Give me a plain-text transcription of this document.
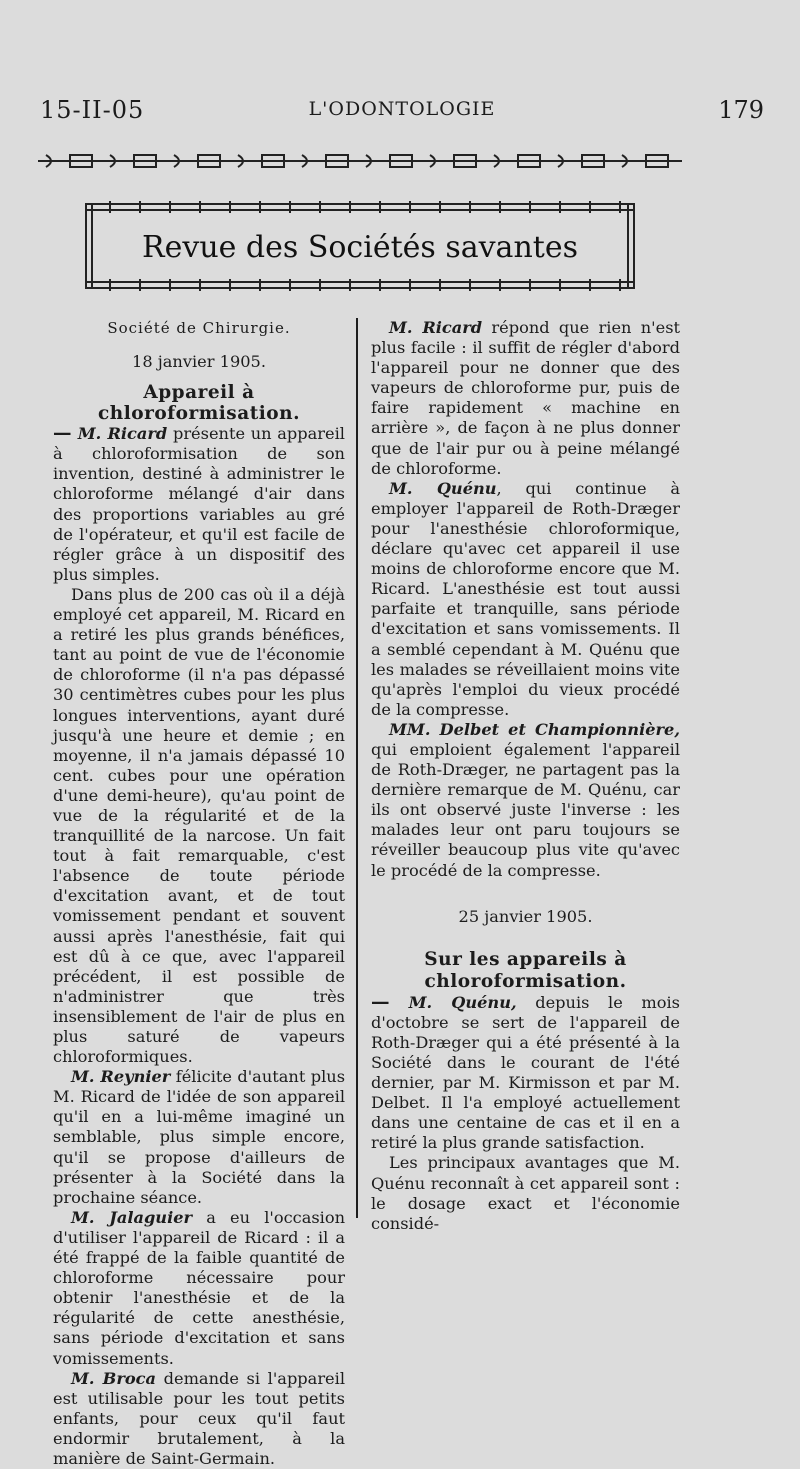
15-II-05	L'ODONTOLOGIE	179
Revue des Sociétés savantes

Société de Chirurgie.

18 janvier 1905.

Appareil à chloroformisation.

— M. Ricard présente un appareil à chloroformisation de son invention, destiné à administrer le chloroforme mélangé d'air dans des proportions variables au gré de l'opérateur, et qu'il est facile de régler grâce à un dispositif des plus simples.

Dans plus de 200 cas où il a déjà employé cet appareil, M. Ricard en a retiré les plus grands bénéfices, tant au point de vue de l'économie de chloroforme (il n'a pas dépassé 30 centimètres cubes pour les plus longues interventions, ayant duré jusqu'à une heure et demie ; en moyenne, il n'a jamais dépassé 10 cent. cubes pour une opération d'une demi-heure), qu'au point de vue de la régularité et de la tranquillité de la narcose. Un fait tout à fait remarquable, c'est l'absence de toute période d'excitation avant, et de tout vomissement pendant et souvent aussi après l'anesthésie, fait qui est dû à ce que, avec l'appareil précédent, il est possible de n'administrer que très insensiblement de l'air de plus en plus saturé de vapeurs chloroformiques.

M. Reynier félicite d'autant plus M. Ricard de l'idée de son appareil qu'il en a lui-même imaginé un semblable, plus simple encore, qu'il se propose d'ailleurs de présenter à la Société dans la prochaine séance.

M. Jalaguier a eu l'occasion d'utiliser l'appareil de Ricard : il a été frappé de la faible quantité de chloroforme nécessaire pour obtenir l'anesthésie et de la régularité de cette anesthésie, sans période d'excitation et sans vomissements.

M. Broca demande si l'appareil est utilisable pour les tout petits enfants, pour ceux qu'il faut endormir brutalement, à la manière de Saint-Germain.

M. Ricard répond que rien n'est plus facile : il suffit de régler d'abord l'appareil pour ne donner que des vapeurs de chloroforme pur, puis de faire rapidement « machine en arrière », de façon à ne plus donner que de l'air pur ou à peine mélangé de chloroforme.

M. Quénu, qui continue à employer l'appareil de Roth-Dræger pour l'anesthésie chloroformique, déclare qu'avec cet appareil il use moins de chloroforme encore que M. Ricard. L'anesthésie est tout aussi parfaite et tranquille, sans période d'excitation et sans vomissements. Il a semblé cependant à M. Quénu que les malades se réveillaient moins vite qu'après l'emploi du vieux procédé de la compresse.

MM. Delbet et Championnière, qui emploient également l'appareil de Roth-Dræger, ne partagent pas la dernière remarque de M. Quénu, car ils ont observé juste l'inverse : les malades leur ont paru toujours se réveiller beaucoup plus vite qu'avec le procédé de la compresse.

25 janvier 1905.

Sur les appareils à chloroformisation.

— M. Quénu, depuis le mois d'octobre se sert de l'appareil de Roth-Dræger qui a été présenté à la Société dans le courant de l'été dernier, par M. Kirmisson et par M. Delbet. Il l'a employé actuellement dans une centaine de cas et il en a retiré la plus grande satisfaction.

Les principaux avantages que M. Quénu reconnaît à cet appareil sont : le dosage exact et l'économie considé-
